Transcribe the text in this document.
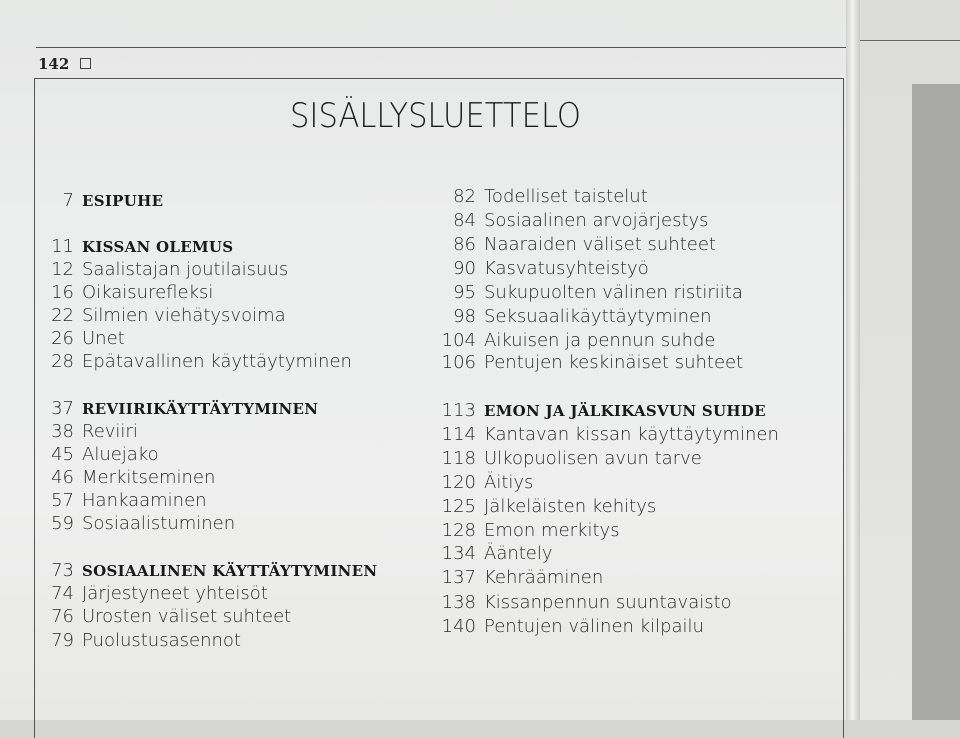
142
SISÄLLYSLUETTELO
7 ESIPUHE
11 KISSAN OLEMUS
12 Saalistajan joutilaisuus
16 Oikaisurefleksi
22 Silmien viehätysvoima
26 Unet
28 Epätavallinen käyttäytyminen
37 REVIIRIKÄYTTÄYTYMINEN
38 Reviiri
45 Aluejako
46 Merkitseminen
57 Hankaaminen
59 Sosiaalistuminen
73 SOSIAALINEN KÄYTTÄYTYMINEN
74 Järjestyneet yhteisöt
76 Urosten väliset suhteet
79 Puolustusasennot
82 Todelliset taistelut
84 Sosiaalinen arvojärjestys
86 Naaraiden väliset suhteet
90 Kasvatusyhteistyö
95 Sukupuolten välinen ristiriita
98 Seksuaalikäyttäytyminen
104 Aikuisen ja pennun suhde
106 Pentujen keskinäiset suhteet
113 EMON JA JÄLKIKASVUN SUHDE
114 Kantavan kissan käyttäytyminen
118 Ulkopuolisen avun tarve
120 Äitiys
125 Jälkeläisten kehitys
128 Emon merkitys
134 Ääntely
137 Kehrääminen
138 Kissanpennun suuntavaisto
140 Pentujen välinen kilpailu
